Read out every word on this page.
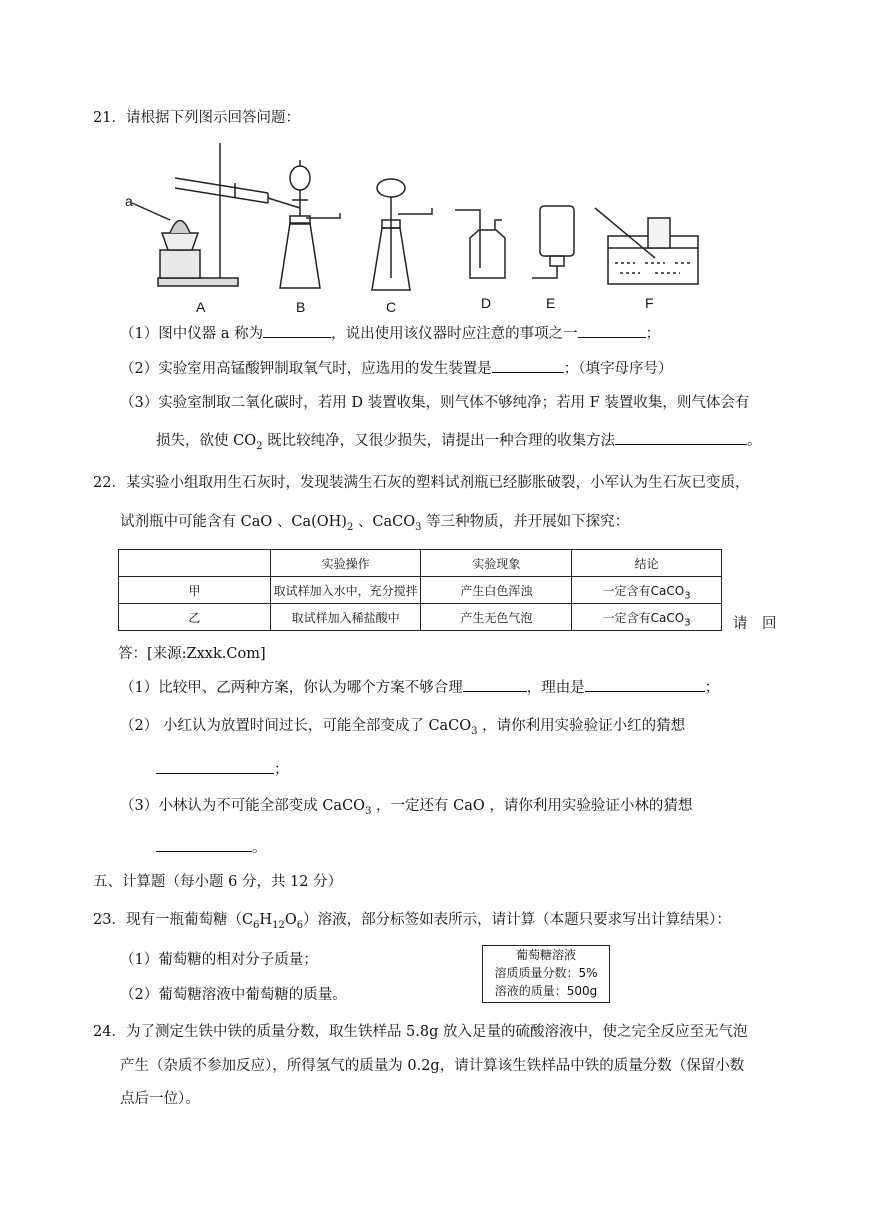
21．请根据下列图示回答问题：
a
A	B	C	D	E	F
（1）图中仪器 a 称为	，说出使用该仪器时应注意的事项之一	；
（2）实验室用高锰酸钾制取氧气时，应选用的发生装置是	；（填字母序号）
（3）实验室制取二氧化碳时，若用 D 装置收集，则气体不够纯净；若用 F 装置收集，则气体会有
损失，欲使 $CO_2$ 既比较纯净，又很少损失，请提出一种合理的收集方法	。
22．某实验小组取用生石灰时，发现装满生石灰的塑料试剂瓶已经膨胀破裂，小军认为生石灰已变质，
试剂瓶中可能含有 CaO 、$Ca(OH)_2$ 、CaCO$_3$ 等三种物质，并开展如下探究：
	实验操作	实验现象	结论
甲	取试样加入水中，充分搅拌	产生白色浑浊	一定含有CaCO$_3$
乙	取试样加入稀盐酸中	产生无色气泡	一定含有CaCO$_3$	请　回
答：[来源:Zxxk.Com]
（1）比较甲、乙两种方案，你认为哪个方案不够合理	，理由是	；
（2） 小红认为放置时间过长，可能全部变成了 CaCO$_3$ ，请你利用实验验证小红的猜想
；
（3）小林认为不可能全部变成 CaCO$_3$ ，一定还有 CaO ，请你利用实验验证小林的猜想
。
五、计算题（每小题 6 分，共 12 分）
23．现有一瓶葡萄糖$(C_6H_{12}O_6)$溶液，部分标签如表所示，请计算（本题只要求写出计算结果）：
（1）葡萄糖的相对分子质量；
（2）葡萄糖溶液中葡萄糖的质量。
葡萄糖溶液
溶质质量分数：5%
溶液的质量：500g
24．为了测定生铁中铁的质量分数，取生铁样品 5.8g 放入足量的硫酸溶液中，使之完全反应至无气泡
产生（杂质不参加反应），所得氢气的质量为 0.2g，请计算该生铁样品中铁的质量分数（保留小数
点后一位）。
